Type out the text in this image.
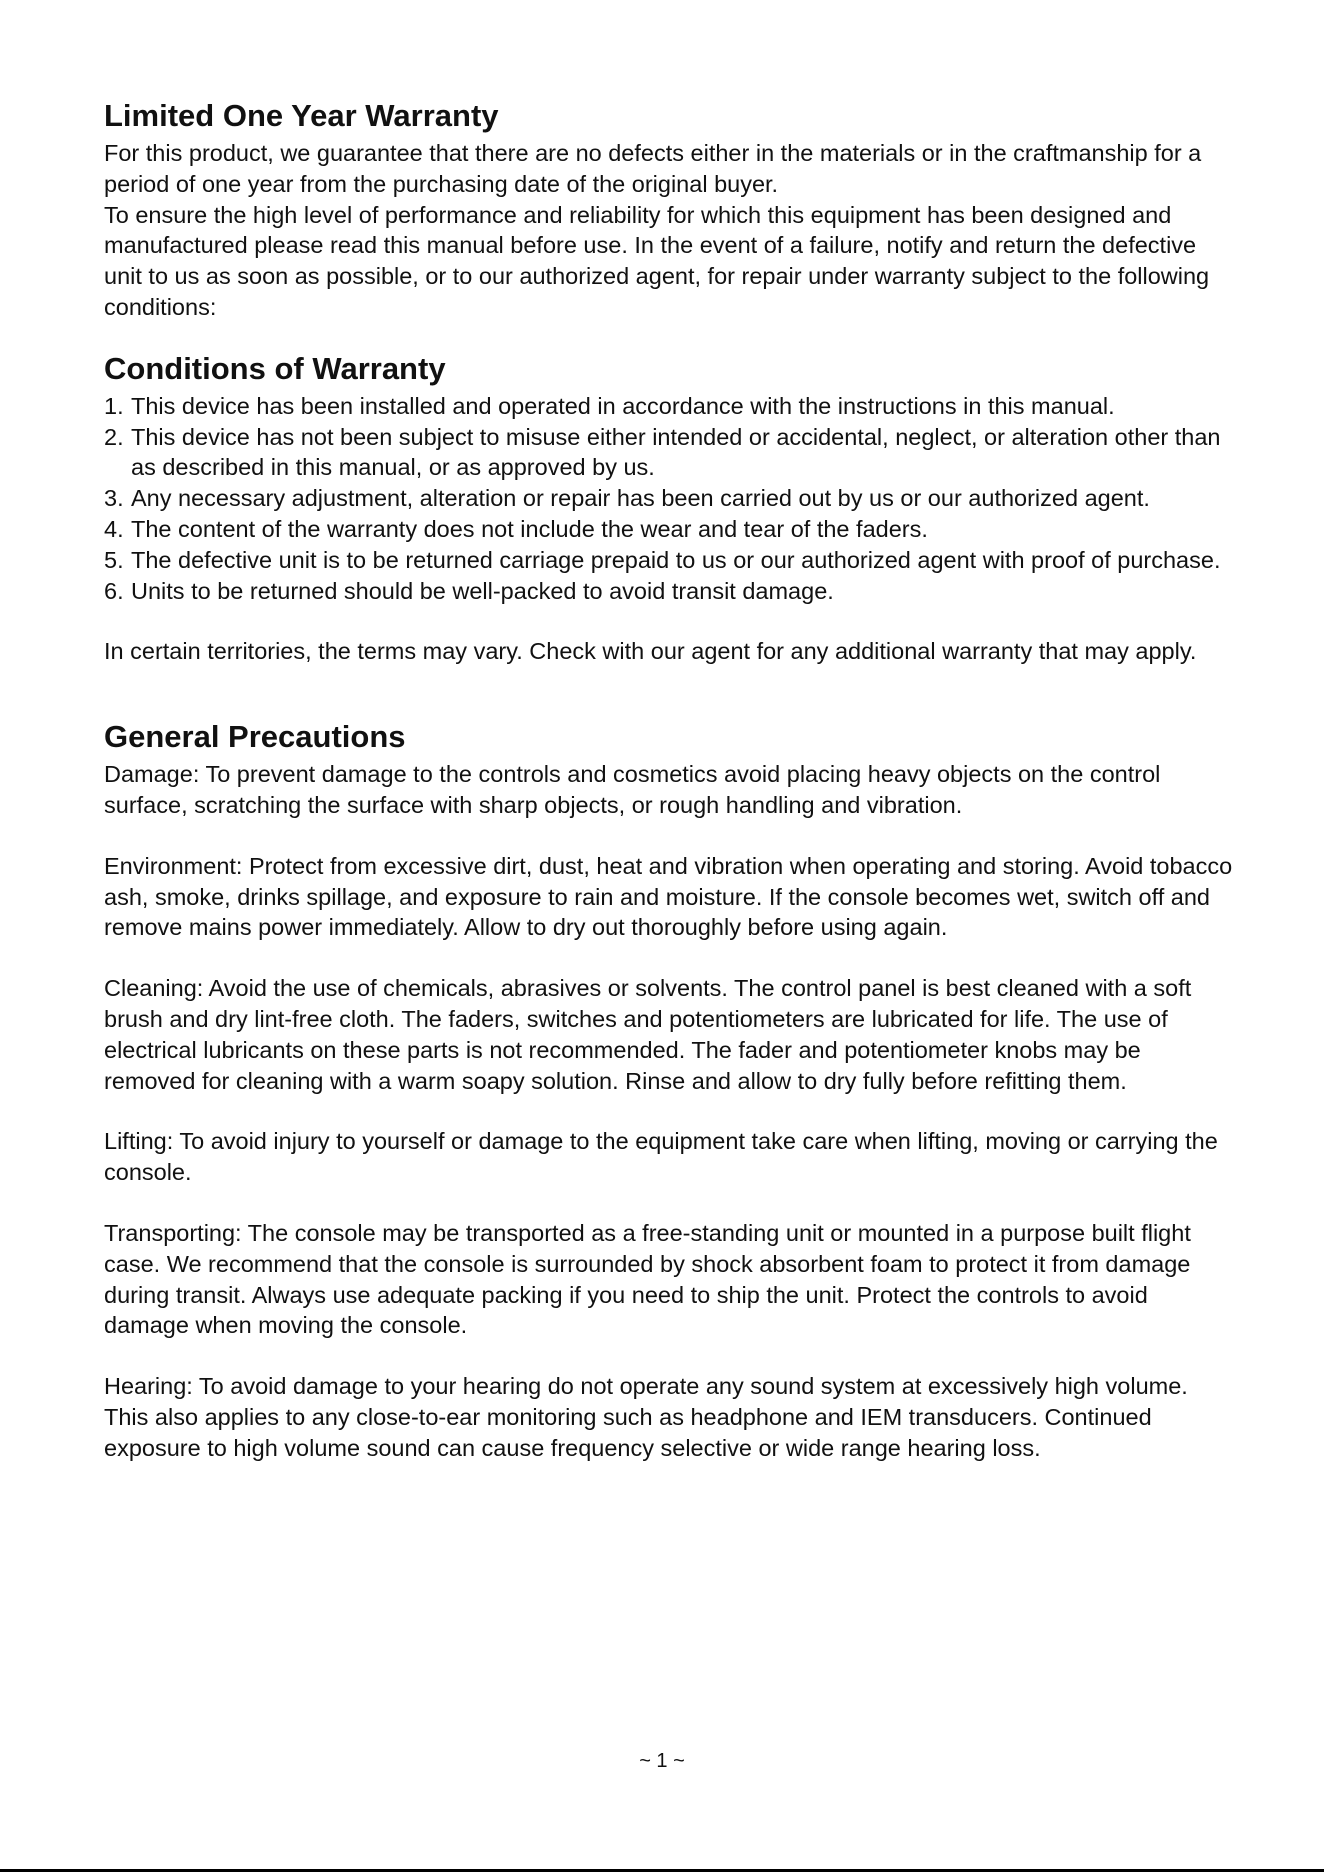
Limited One Year Warranty

For this product, we guarantee that there are no defects either in the materials or in the craftmanship for a period of one year from the purchasing date of the original buyer.

To ensure the high level of performance and reliability for which this equipment has been designed and manufactured please read this manual before use. In the event of a failure, notify and return the defective unit to us as soon as possible, or to our authorized agent, for repair under warranty subject to the following conditions:

Conditions of Warranty
1. This device has been installed and operated in accordance with the instructions in this manual.
2. This device has not been subject to misuse either intended or accidental, neglect, or alteration other than as described in this manual, or as approved by us.
3. Any necessary adjustment, alteration or repair has been carried out by us or our authorized agent.
4. The content of the warranty does not include the wear and tear of the faders.
5. The defective unit is to be returned carriage prepaid to us or our authorized agent with proof of purchase.
6. Units to be returned should be well-packed to avoid transit damage.

In certain territories, the terms may vary. Check with our agent for any additional warranty that may apply.

General Precautions

Damage: To prevent damage to the controls and cosmetics avoid placing heavy objects on the control surface, scratching the surface with sharp objects, or rough handling and vibration.

Environment: Protect from excessive dirt, dust, heat and vibration when operating and storing. Avoid tobacco ash, smoke, drinks spillage, and exposure to rain and moisture. If the console becomes wet, switch off and remove mains power immediately. Allow to dry out thoroughly before using again.

Cleaning: Avoid the use of chemicals, abrasives or solvents. The control panel is best cleaned with a soft brush and dry lint-free cloth. The faders, switches and potentiometers are lubricated for life. The use of electrical lubricants on these parts is not recommended. The fader and potentiometer knobs may be removed for cleaning with a warm soapy solution. Rinse and allow to dry fully before refitting them.

Lifting: To avoid injury to yourself or damage to the equipment take care when lifting, moving or carrying the console.

Transporting: The console may be transported as a free-standing unit or mounted in a purpose built flight case. We recommend that the console is surrounded by shock absorbent foam to protect it from damage during transit. Always use adequate packing if you need to ship the unit. Protect the controls to avoid damage when moving the console.

Hearing: To avoid damage to your hearing do not operate any sound system at excessively high volume. This also applies to any close-to-ear monitoring such as headphone and IEM transducers. Continued exposure to high volume sound can cause frequency selective or wide range hearing loss.

~ 1 ~
